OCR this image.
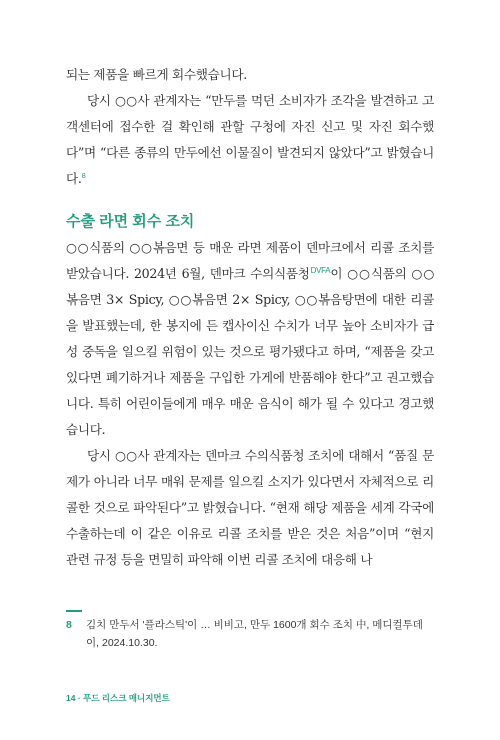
되는 제품을 빠르게 회수했습니다.

당시 ○○사 관계자는 “만두를 먹던 소비자가 조각을 발견하고 고객센터에 접수한 걸 확인해 관할 구청에 자진 신고 및 자진 회수했다”며 “다른 종류의 만두에선 이물질이 발견되지 않았다”고 밝혔습니다.$^8$

수출 라면 회수 조치

○○식품의 ○○볶음면 등 매운 라면 제품이 덴마크에서 리콜 조치를 받았습니다. 2024년 6월, 덴마크 수의식품청$^{DVFA}$이 ○○식품의 ○○볶음면 3× Spicy, ○○볶음면 2× Spicy, ○○볶음탕면에 대한 리콜을 발표했는데, 한 봉지에 든 캡사이신 수치가 너무 높아 소비자가 급성 중독을 일으킬 위험이 있는 것으로 평가됐다고 하며, “제품을 갖고 있다면 폐기하거나 제품을 구입한 가게에 반품해야 한다”고 권고했습니다. 특히 어린이들에게 매우 매운 음식이 해가 될 수 있다고 경고했습니다.

당시 ○○사 관계자는 덴마크 수의식품청 조치에 대해서 “품질 문제가 아니라 너무 매워 문제를 일으킬 소지가 있다면서 자체적으로 리콜한 것으로 파악된다”고 밝혔습니다. “현재 해당 제품을 세계 각국에 수출하는데 이 같은 이유로 리콜 조치를 받은 것은 처음”이며 “현지 관련 규정 등을 면밀히 파악해 이번 리콜 조치에 대응해 나

8 김치 만두서 '플라스틱'이 … 비비고, 만두 1600개 회수 조치 中, 메디컬투데이, 2024.10.30.
14 · 푸드 리스크 매니지먼트
